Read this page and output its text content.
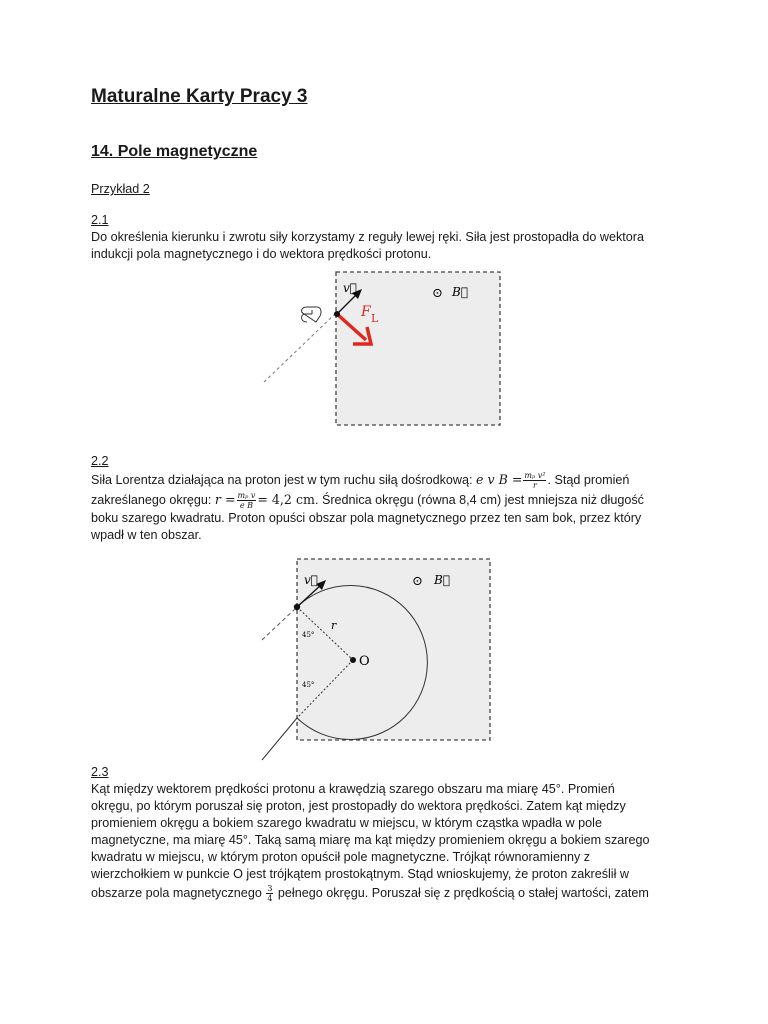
Maturalne Karty Pracy 3
14. Pole magnetyczne
Przykład 2
2.1
Do określenia kierunku i zwrotu siły korzystamy z reguły lewej ręki. Siła jest prostopadła do wektora
indukcji pola magnetycznego i do wektora prędkości protonu.
v⃗	⊙ B⃗
F L
2.2
Siła Lorentza działająca na proton jest w tym ruchu siłą dośrodkową: e v $B = \frac{\text{mₚ v²}}{r}$ . Stąd promień
zakreślanego okręgu: $r = \frac{\text{mₚ v}}{\text{e B}} = 4,2$ cm. Średnica okręgu (równa 8,4 cm) jest mniejsza niż długość
boku szarego kwadratu. Proton opuści obszar pola magnetycznego przez ten sam bok, przez który
wpadł w ten obszar.
v⃗	⊙ B⃗
r
O
45°
45°
2.3
Kąt między wektorem prędkości protonu a krawędzią szarego obszaru ma miarę 45°. Promień
okręgu, po którym poruszał się proton, jest prostopadły do wektora prędkości. Zatem kąt między
promieniem okręgu a bokiem szarego kwadratu w miejscu, w którym cząstka wpadła w pole
magnetyczne, ma miarę 45°. Taką samą miarę ma kąt między promieniem okręgu a bokiem szarego
kwadratu w miejscu, w którym proton opuścił pole magnetyczne. Trójkąt równoramienny z
wierzchołkiem w punkcie O jest trójkątem prostokątnym. Stąd wnioskujemy, że proton zakreślił w
obszarze pola magnetycznego $\frac{3}{4}$ pełnego okręgu. Poruszał się z prędkością o stałej wartości, zatem
